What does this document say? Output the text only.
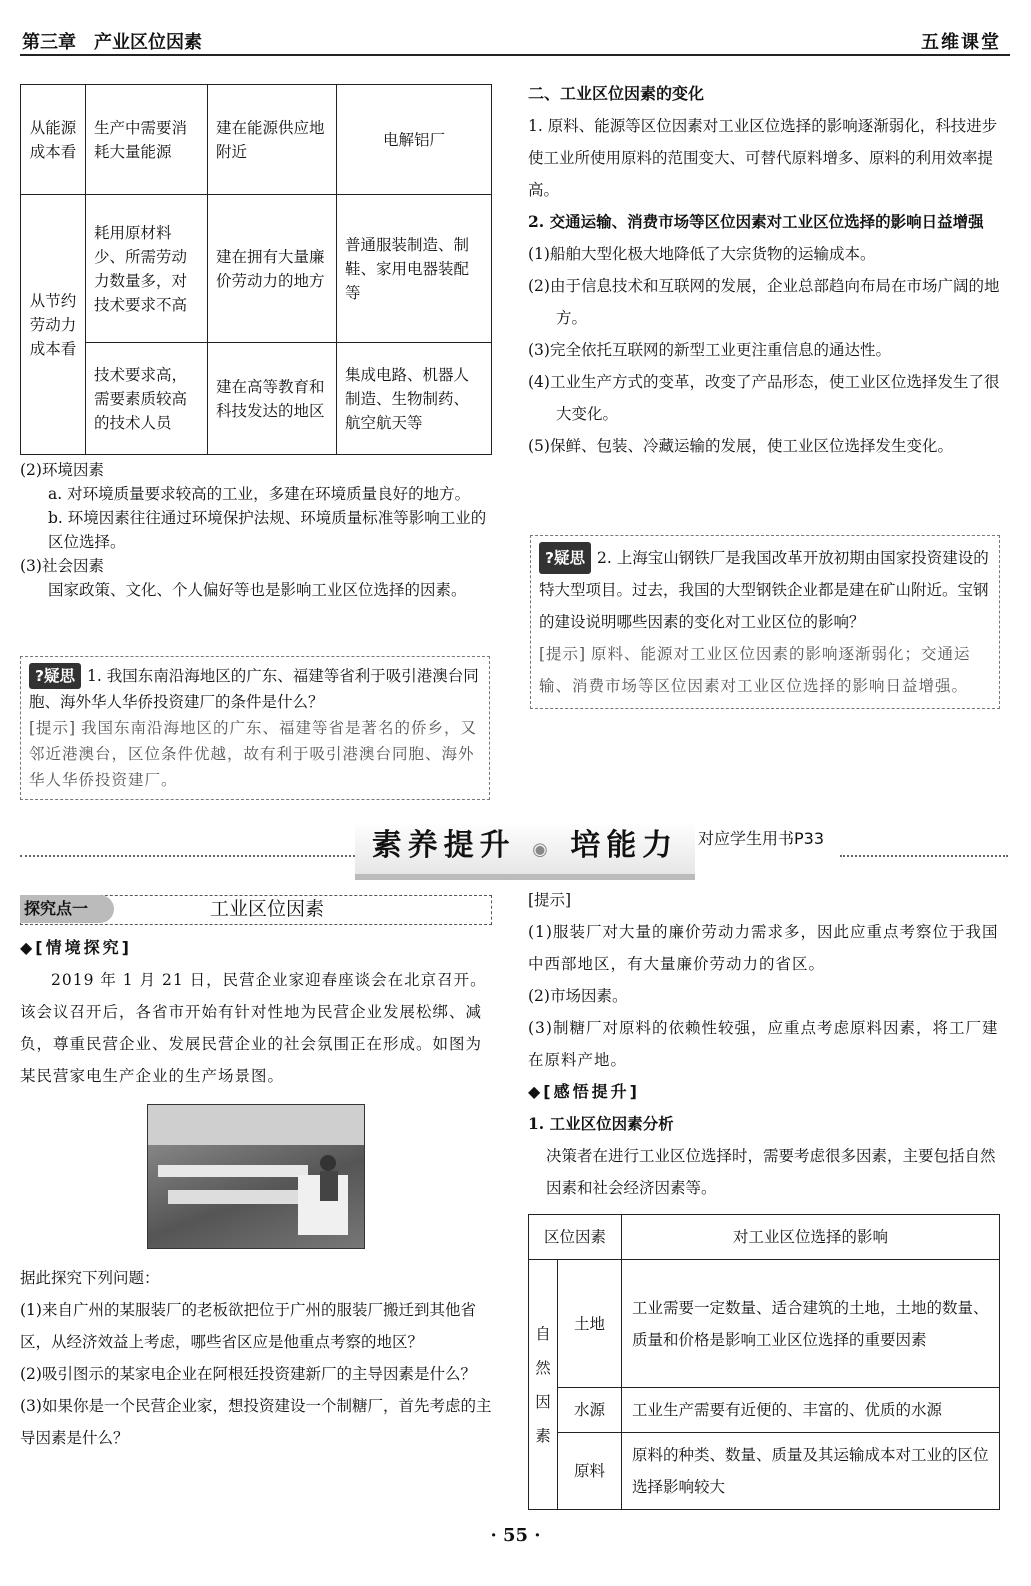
第三章　产业区位因素	五维课堂
从能源成本看	生产中需要消耗大量能源	建在能源供应地附近	电解铝厂
从节约劳动力成本看	耗用原材料少、所需劳动力数量多，对技术要求不高	建在拥有大量廉价劳动力的地方	普通服装制造、制鞋、家用电器装配等
	技术要求高，需要素质较高的技术人员	建在高等教育和科技发达的地区	集成电路、机器人制造、生物制药、航空航天等

(2)环境因素

a. 对环境质量要求较高的工业，多建在环境质量良好的地方。

b. 环境因素往往通过环境保护法规、环境质量标准等影响工业的区位选择。

(3)社会因素

国家政策、文化、个人偏好等也是影响工业区位选择的因素。

?疑思 1. 我国东南沿海地区的广东、福建等省利于吸引港澳台同胞、海外华人华侨投资建厂的条件是什么？
[提示] 我国东南沿海地区的广东、福建等省是著名的侨乡，又邻近港澳台，区位条件优越，故有利于吸引港澳台同胞、海外华人华侨投资建厂。

二、工业区位因素的变化

1. 原料、能源等区位因素对工业区位选择的影响逐渐弱化，科技进步使工业所使用原料的范围变大、可替代原料增多、原料的利用效率提高。

2. 交通运输、消费市场等区位因素对工业区位选择的影响日益增强

(1)船舶大型化极大地降低了大宗货物的运输成本。

(2)由于信息技术和互联网的发展，企业总部趋向布局在市场广阔的地方。

(3)完全依托互联网的新型工业更注重信息的通达性。

(4)工业生产方式的变革，改变了产品形态，使工业区位选择发生了很大变化。

(5)保鲜、包装、冷藏运输的发展，使工业区位选择发生变化。

?疑思 2. 上海宝山钢铁厂是我国改革开放初期由国家投资建设的特大型项目。过去，我国的大型钢铁企业都是建在矿山附近。宝钢的建设说明哪些因素的变化对工业区位的影响？
[提示] 原料、能源对工业区位因素的影响逐渐弱化；交通运输、消费市场等区位因素对工业区位选择的影响日益增强。
素养提升 ◉ 培能力	对应学生用书P33
探究点一	工业区位因素

◆[情境探究]

2019 年 1 月 21 日，民营企业家迎春座谈会在北京召开。该会议召开后，各省市开始有针对性地为民营企业发展松绑、减负，尊重民营企业、发展民营企业的社会氛围正在形成。如图为某民营家电生产企业的生产场景图。

据此探究下列问题：

(1)来自广州的某服装厂的老板欲把位于广州的服装厂搬迁到其他省区，从经济效益上考虑，哪些省区应是他重点考察的地区？

(2)吸引图示的某家电企业在阿根廷投资建新厂的主导因素是什么？

(3)如果你是一个民营企业家，想投资建设一个制糖厂，首先考虑的主导因素是什么？

[提示]

(1)服装厂对大量的廉价劳动力需求多，因此应重点考察位于我国中西部地区，有大量廉价劳动力的省区。

(2)市场因素。

(3)制糖厂对原料的依赖性较强，应重点考虑原料因素，将工厂建在原料产地。

◆[感悟提升]

1. 工业区位因素分析

决策者在进行工业区位选择时，需要考虑很多因素，主要包括自然因素和社会经济因素等。

区位因素		对工业区位选择的影响
自然因素	土地	工业需要一定数量、适合建筑的土地，土地的数量、质量和价格是影响工业区位选择的重要因素
	水源	工业生产需要有近便的、丰富的、优质的水源
	原料	原料的种类、数量、质量及其运输成本对工业的区位选择影响较大
· 55 ·
